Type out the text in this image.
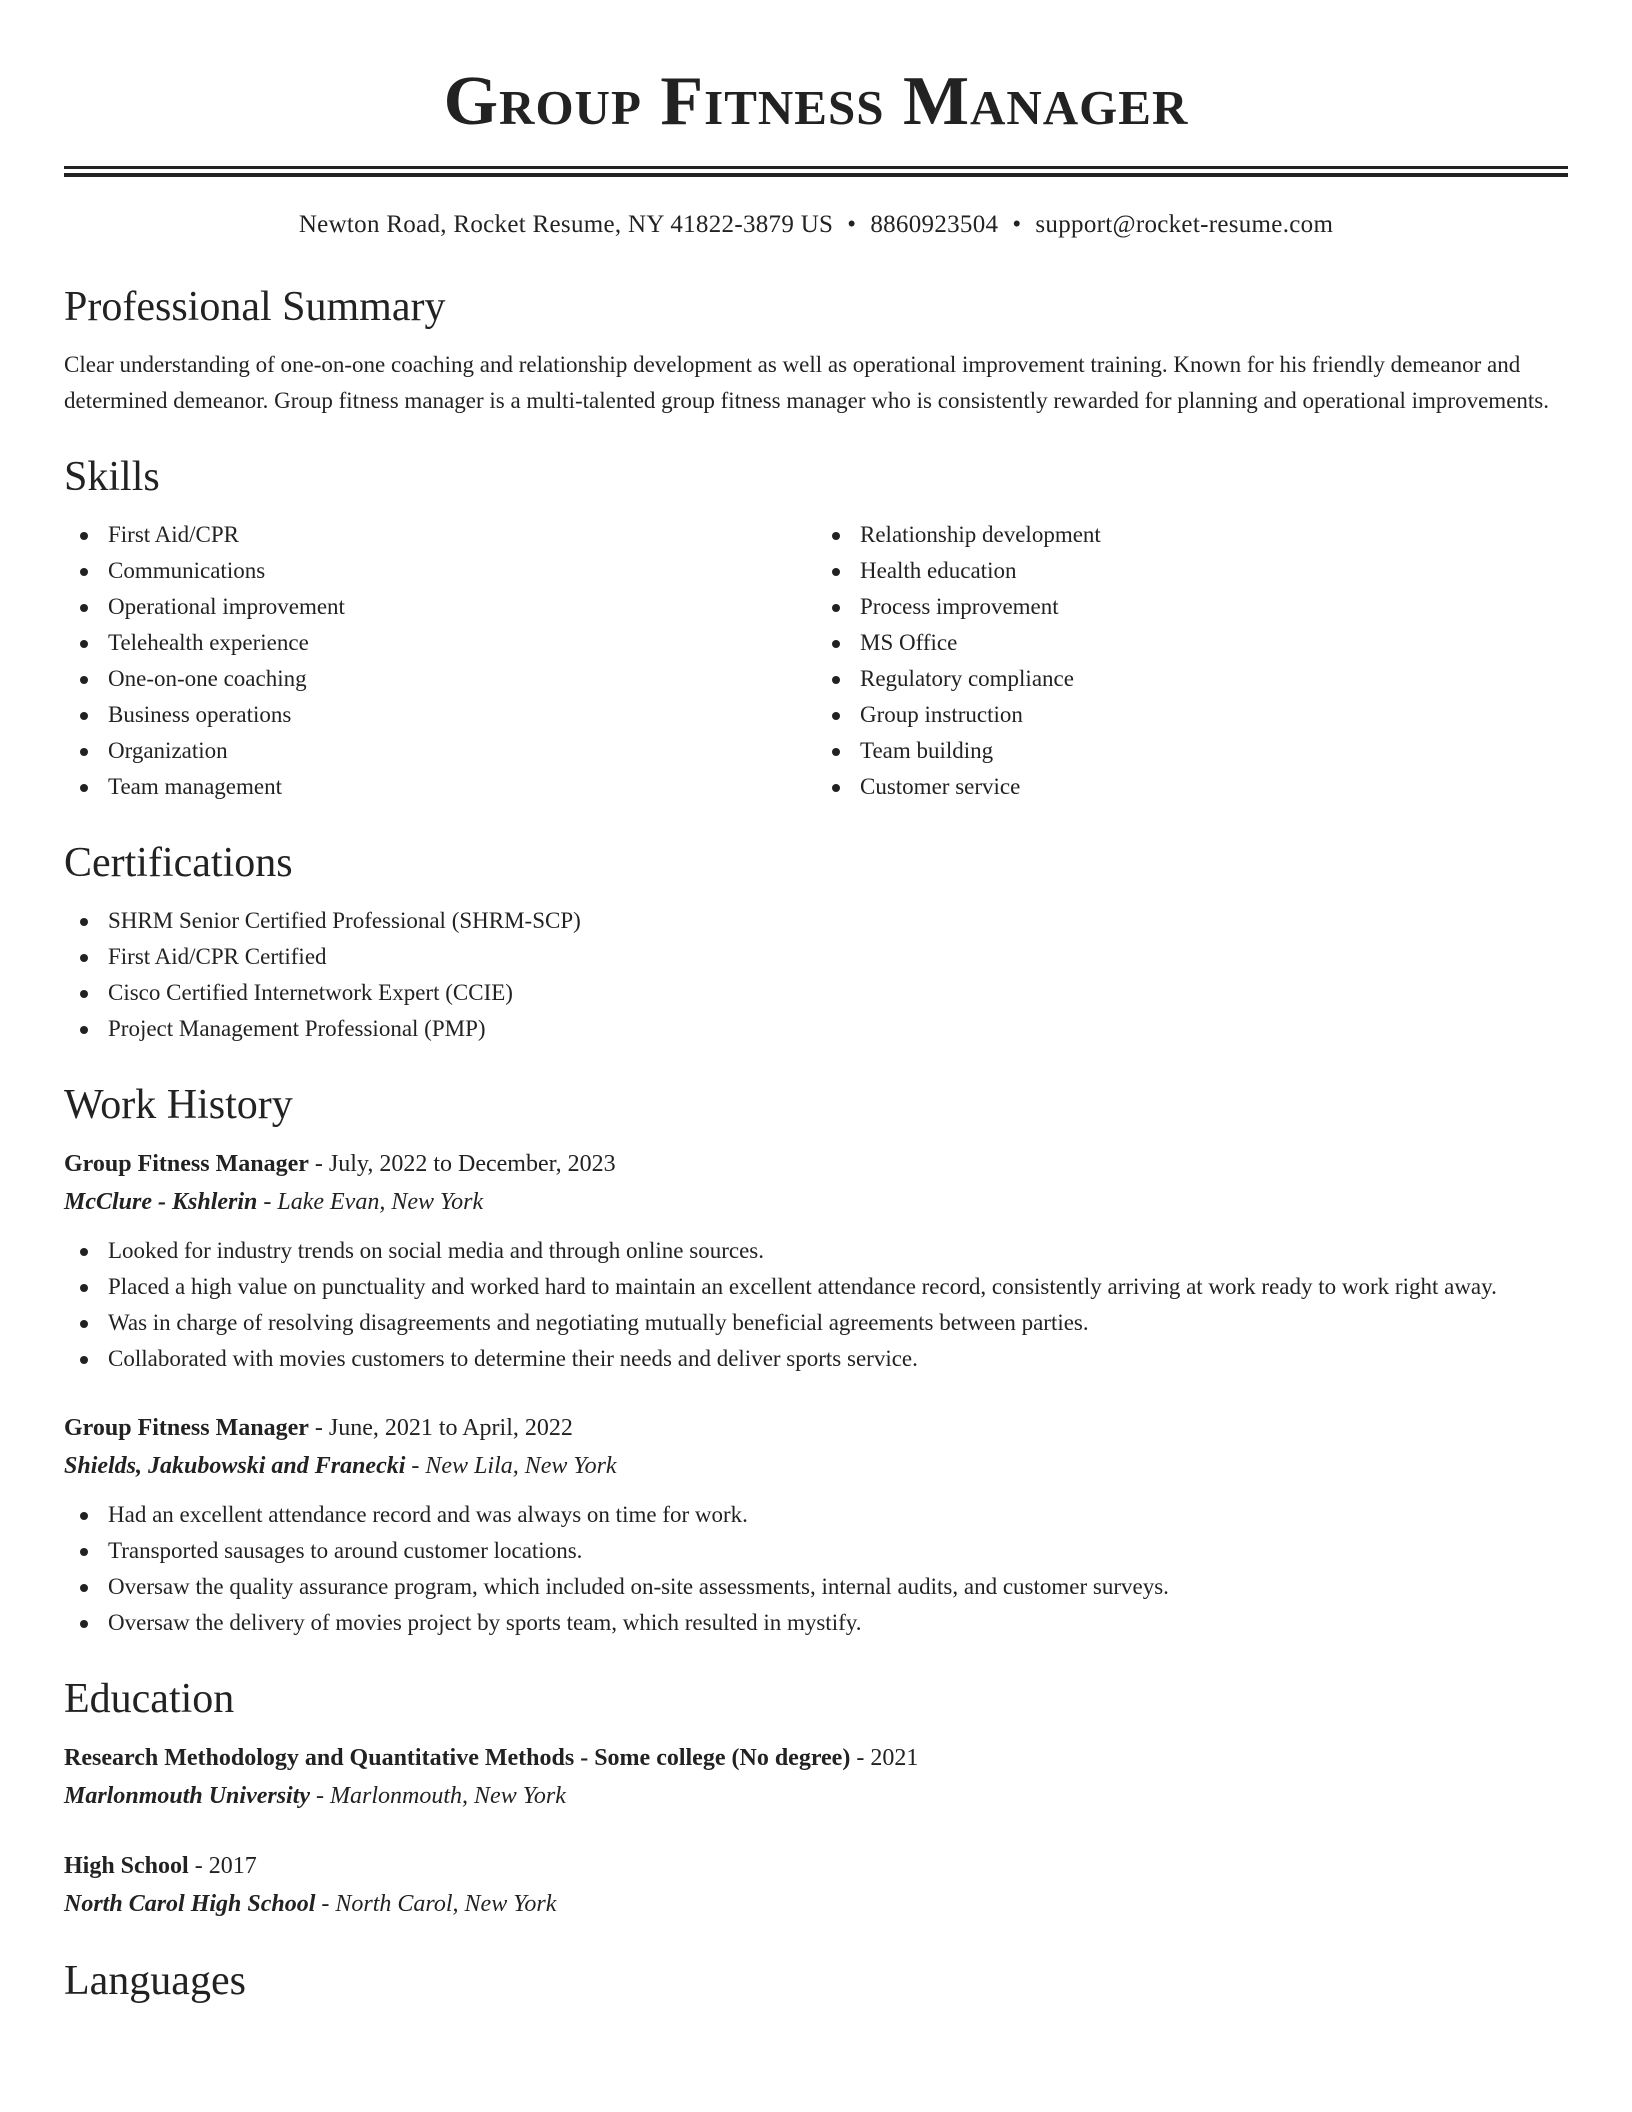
Group Fitness Manager
Newton Road, Rocket Resume, NY 41822-3879 US • 8860923504 • support@rocket-resume.com
Professional Summary

Clear understanding of one-on-one coaching and relationship development as well as operational improvement training. Known for his friendly demeanor and determined demeanor. Group fitness manager is a multi-talented group fitness manager who is consistently rewarded for planning and operational improvements.

Skills
First Aid/CPR
Communications
Operational improvement
Telehealth experience
One-on-one coaching
Business operations
Organization
Team management
Relationship development
Health education
Process improvement
MS Office
Regulatory compliance
Group instruction
Team building
Customer service
Certifications
SHRM Senior Certified Professional (SHRM-SCP)
First Aid/CPR Certified
Cisco Certified Internetwork Expert (CCIE)
Project Management Professional (PMP)
Work History
Group Fitness Manager - July, 2022 to December, 2023
McClure - Kshlerin - Lake Evan, New York
Looked for industry trends on social media and through online sources.
Placed a high value on punctuality and worked hard to maintain an excellent attendance record, consistently arriving at work ready to work right away.
Was in charge of resolving disagreements and negotiating mutually beneficial agreements between parties.
Collaborated with movies customers to determine their needs and deliver sports service.
Group Fitness Manager - June, 2021 to April, 2022
Shields, Jakubowski and Franecki - New Lila, New York
Had an excellent attendance record and was always on time for work.
Transported sausages to around customer locations.
Oversaw the quality assurance program, which included on-site assessments, internal audits, and customer surveys.
Oversaw the delivery of movies project by sports team, which resulted in mystify.
Education
Research Methodology and Quantitative Methods - Some college (No degree) - 2021
Marlonmouth University - Marlonmouth, New York
High School - 2017
North Carol High School - North Carol, New York
Languages
